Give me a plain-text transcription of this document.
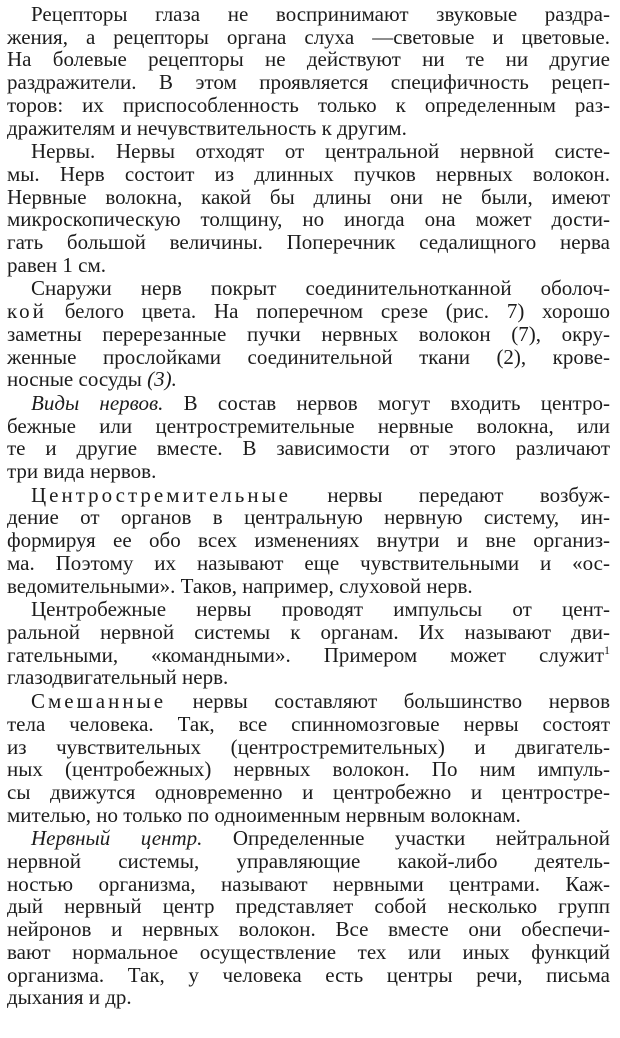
Рецепторы глаза не воспринимают звуковые раздра-
жения, а рецепторы органа слуха —световые и цветовые.
На болевые рецепторы не действуют ни те ни другие
раздражители. В этом проявляется специфичность рецеп-
торов: их приспособленность только к определенным раз-
дражителям и нечувствительность к другим.
Нервы. Нервы отходят от центральной нервной систе-
мы. Нерв состоит из длинных пучков нервных волокон.
Нервные волокна, какой бы длины они не были, имеют
микроскопическую толщину, но иногда она может дости-
гать большой величины. Поперечник седалищного нерва
равен 1 см.
Снаружи нерв покрыт соединительнотканной оболоч-
кой белого цвета. На поперечном срезе (рис. 7) хорошо
заметны перерезанные пучки нервных волокон (7), окру-
женные прослойками соединительной ткани (2), крове-
носные сосуды (3).
Виды нервов. В состав нервов могут входить центро-
бежные или центростремительные нервные волокна, или
те и другие вместе. В зависимости от этого различают
три вида нервов.
Центростремительные нервы передают возбуж-
дение от органов в центральную нервную систему, ин-
формируя ее обо всех изменениях внутри и вне организ-
ма. Поэтому их называют еще чувствительными и «ос-
ведомительными». Таков, например, слуховой нерв.
Центробежные нервы проводят импульсы от цент-
ральной нервной системы к органам. Их называют дви-
гательными, «командными». Примером может служит$^1$
глазодвигательный нерв.
Смешанные нервы составляют большинство нервов
тела человека. Так, все спинномозговые нервы состоят
из чувствительных (центростремительных) и двигатель-
ных (центробежных) нервных волокон. По ним импуль-
сы движутся одновременно и центробежно и центростре-
мителью, но только по одноименным нервным волокнам.
Нервный центр. Определенные участки нейтральной
нервной системы, управляющие какой-либо деятель-
ностью организма, называют нервными центрами. Каж-
дый нервный центр представляет собой несколько групп
нейронов и нервных волокон. Все вместе они обеспечи-
вают нормальное осуществление тех или иных функций
организма. Так, у человека есть центры речи, письма
дыхания и др.
